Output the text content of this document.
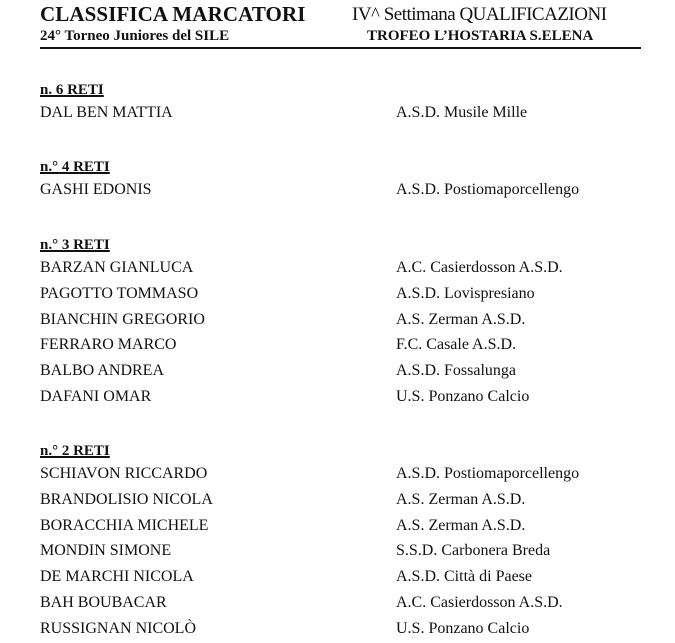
CLASSIFICA MARCATORI IV^ Settimana QUALIFICAZIONI
24° Torneo Juniores del SILE	TROFEO L’HOSTARIA S.ELENA
n. 6 RETI
DAL BEN MATTIA	A.S.D. Musile Mille
n.° 4 RETI
GASHI EDONIS	A.S.D. Postiomaporcellengo
n.° 3 RETI
BARZAN GIANLUCA	A.C. Casierdosson A.S.D.
PAGOTTO TOMMASO	A.S.D. Lovispresiano
BIANCHIN GREGORIO	A.S. Zerman A.S.D.
FERRARO MARCO	F.C. Casale A.S.D.
BALBO ANDREA	A.S.D. Fossalunga
DAFANI OMAR	U.S. Ponzano Calcio
n.° 2 RETI
SCHIAVON RICCARDO	A.S.D. Postiomaporcellengo
BRANDOLISIO NICOLA	A.S. Zerman A.S.D.
BORACCHIA MICHELE	A.S. Zerman A.S.D.
MONDIN SIMONE	S.S.D. Carbonera Breda
DE MARCHI NICOLA	A.S.D. Città di Paese
BAH BOUBACAR	A.C. Casierdosson A.S.D.
RUSSIGNAN NICOLÒ	U.S. Ponzano Calcio
